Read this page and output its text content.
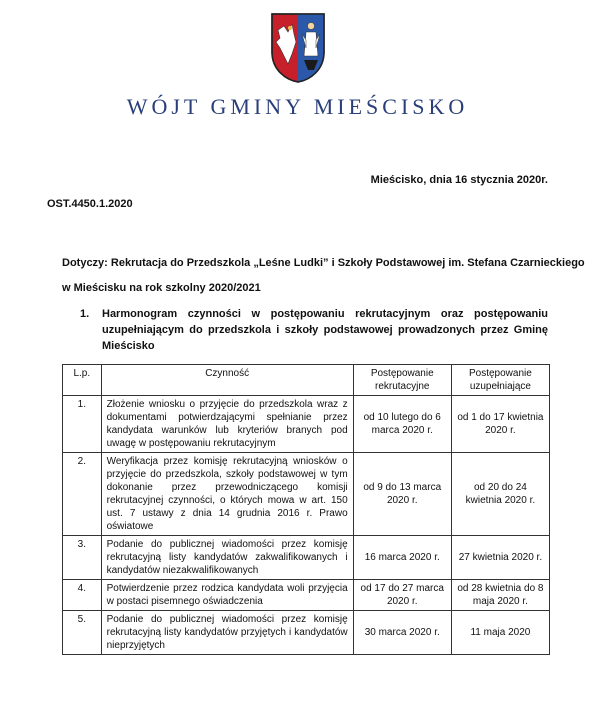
WÓJT GMINY MIEŚCISKO
Mieścisko, dnia 16 stycznia 2020r.
OST.4450.1.2020
Dotyczy: Rekrutacja do Przedszkola „Leśne Ludki” i Szkoły Podstawowej im. Stefana Czarnieckiego
w Mieścisku na rok szkolny 2020/2021
1. Harmonogram czynności w postępowaniu rekrutacyjnym oraz postępowaniu uzupełniającym do przedszkola i szkoły podstawowej prowadzonych przez Gminę Mieścisko
L.p.	Czynność	Postępowanie rekrutacyjne	Postępowanie uzupełniające
1.	Złożenie wniosku o przyjęcie do przedszkola wraz z dokumentami potwierdzającymi spełnianie przez kandydata warunków lub kryteriów branych pod uwagę w postępowaniu rekrutacyjnym	od 10 lutego do 6 marca 2020 r.	od 1 do 17 kwietnia 2020 r.
2.	Weryfikacja przez komisję rekrutacyjną wniosków o przyjęcie do przedszkola, szkoły podstawowej w tym dokonanie przez przewodniczącego komisji rekrutacyjnej czynności, o których mowa w art. 150 ust. 7 ustawy z dnia 14 grudnia 2016 r. Prawo oświatowe	od 9 do 13 marca 2020 r.	od 20 do 24 kwietnia 2020 r.
3.	Podanie do publicznej wiadomości przez komisję rekrutacyjną listy kandydatów zakwalifikowanych i kandydatów niezakwalifikowanych	16 marca 2020 r.	27 kwietnia 2020 r.
4.	Potwierdzenie przez rodzica kandydata woli przyjęcia w postaci pisemnego oświadczenia	od 17 do 27 marca 2020 r.	od 28 kwietnia do 8 maja 2020 r.
5.	Podanie do publicznej wiadomości przez komisję rekrutacyjną listy kandydatów przyjętych i kandydatów nieprzyjętych	30 marca 2020 r.	11 maja 2020
